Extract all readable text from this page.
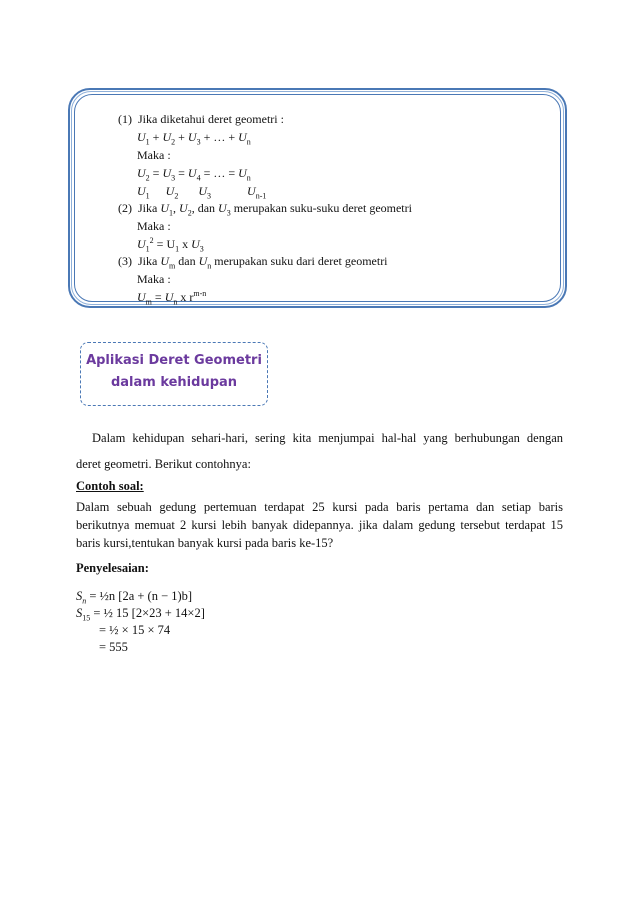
(1) Jika diketahui deret geometri :
$U_1 + U_2 + U_3$ + … + $U_n$
Maka :
$U_2 = U_3 = U_4$ = … = $U_n$
$U_1$ $U_2$ $U_3$	$U_{n-1}$
(2) Jika $U_1$, $U_2$, dan $U_3$ merupakan suku-suku deret geometri
Maka :
$U_1^2 = U_1$ x $U_3$
(3) Jika $U_m$ dan $U_n$ merupakan suku dari deret geometri
Maka :
$U_m = U_n$ x $r^{m-n}$
Aplikasi Deret Geometri
dalam kehidupan
Dalam kehidupan sehari-hari, sering kita menjumpai hal-hal yang berhubungan dengan
deret geometri. Berikut contohnya:
Contoh soal:
Dalam sebuah gedung pertemuan terdapat 25 kursi pada baris pertama dan setiap baris
berikutnya memuat 2 kursi lebih banyak didepannya. jika dalam gedung tersebut terdapat 15
baris kursi,tentukan banyak kursi pada baris ke-15?
Penyelesaian:
$S_n$ = ½n [2a + (n − 1)b]
$S_{15}$ = ½ 15 [2×23 + 14×2]
= ½ × 15 × 74
= 555
